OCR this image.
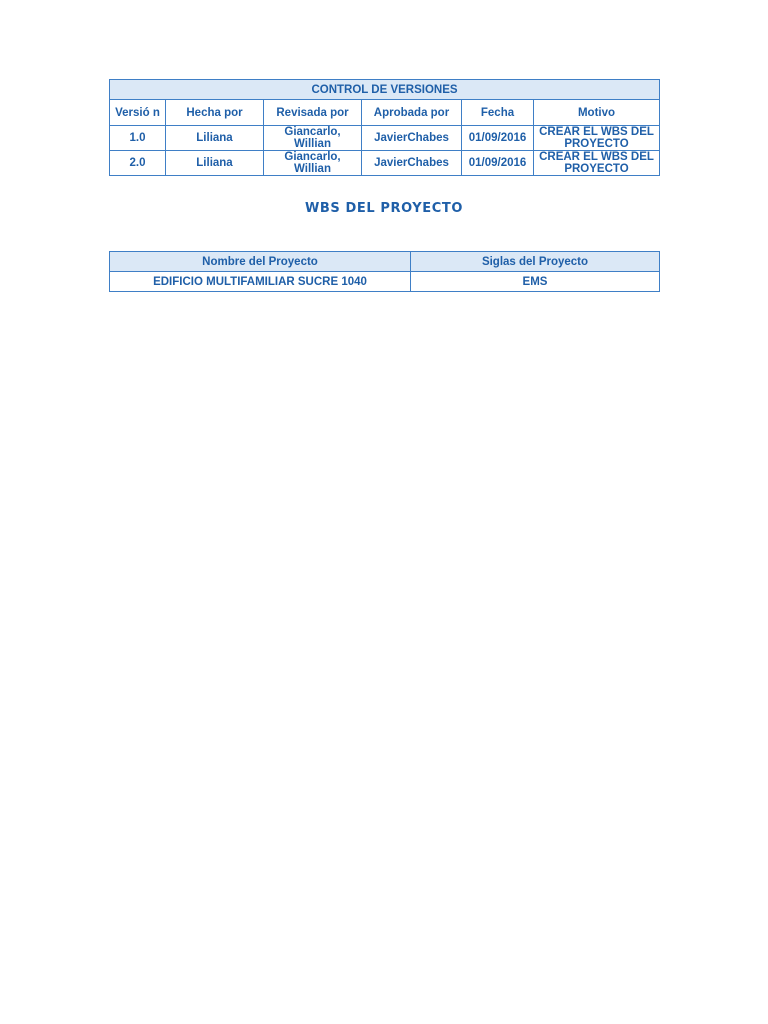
CONTROL DE VERSIONES					
Versió n	Hecha por	Revisada por	Aprobada por	Fecha	Motivo
1.0	Liliana	Giancarlo, Willian	JavierChabes	01/09/2016	CREAR EL WBS DEL PROYECTO
2.0	Liliana	Giancarlo, Willian	JavierChabes	01/09/2016	CREAR EL WBS DEL PROYECTO
WBS DEL PROYECTO
Nombre del Proyecto	Siglas del Proyecto
EDIFICIO MULTIFAMILIAR SUCRE 1040	EMS
